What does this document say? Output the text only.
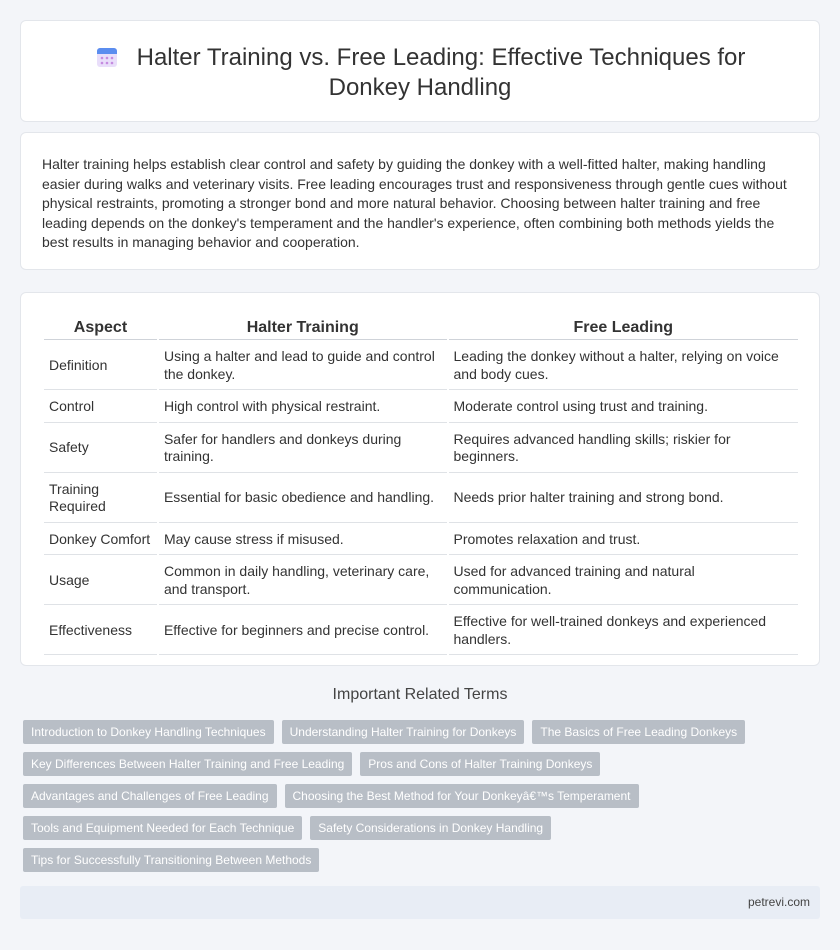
Halter Training vs. Free Leading: Effective Techniques for Donkey Handling

Halter training helps establish clear control and safety by guiding the donkey with a well-fitted halter, making handling easier during walks and veterinary visits. Free leading encourages trust and responsiveness through gentle cues without physical restraints, promoting a stronger bond and more natural behavior. Choosing between halter training and free leading depends on the donkey's temperament and the handler's experience, often combining both methods yields the best results in managing behavior and cooperation.

Aspect	Halter Training	Free Leading
Definition	Using a halter and lead to guide and control the donkey.	Leading the donkey without a halter, relying on voice and body cues.
Control	High control with physical restraint.	Moderate control using trust and training.
Safety	Safer for handlers and donkeys during training.	Requires advanced handling skills; riskier for beginners.
Training Required	Essential for basic obedience and handling.	Needs prior halter training and strong bond.
Donkey Comfort	May cause stress if misused.	Promotes relaxation and trust.
Usage	Common in daily handling, veterinary care, and transport.	Used for advanced training and natural communication.
Effectiveness	Effective for beginners and precise control.	Effective for well-trained donkeys and experienced handlers.
Important Related Terms
Introduction to Donkey Handling Techniques	Understanding Halter Training for Donkeys	The Basics of Free Leading Donkeys
Key Differences Between Halter Training and Free Leading	Pros and Cons of Halter Training Donkeys
Advantages and Challenges of Free Leading	Choosing the Best Method for Your Donkeyâ€™s Temperament
Tools and Equipment Needed for Each Technique	Safety Considerations in Donkey Handling
Tips for Successfully Transitioning Between Methods
petrevi.com
